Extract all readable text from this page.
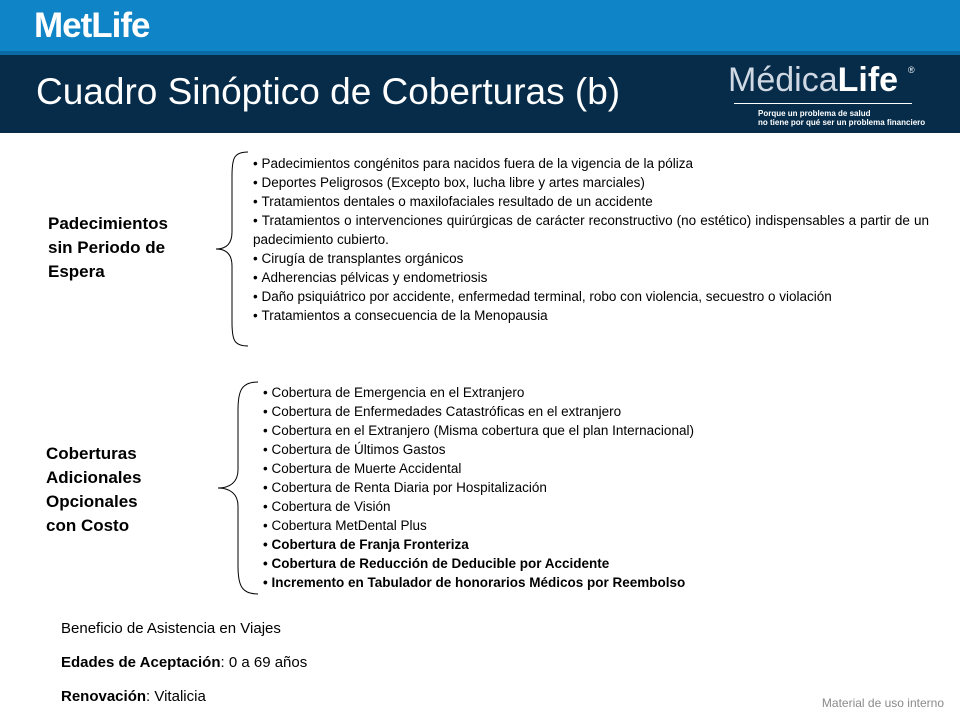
MetLife
Cuadro Sinóptico de Coberturas (b)	MédicaLife ®
Porque un problema de salud
no tiene por qué ser un problema financiero
Padecimientos
sin Periodo de
Espera
• Padecimientos congénitos para nacidos fuera de la vigencia de la póliza
• Deportes Peligrosos (Excepto box, lucha libre y artes marciales)
• Tratamientos dentales o maxilofaciales resultado de un accidente
• Tratamientos o intervenciones quirúrgicas de carácter reconstructivo (no estético) indispensables a partir de un padecimiento cubierto.
• Cirugía de transplantes orgánicos
• Adherencias pélvicas y endometriosis
• Daño psiquiátrico por accidente, enfermedad terminal, robo con violencia, secuestro o violación
• Tratamientos a consecuencia de la Menopausia
Coberturas
Adicionales
Opcionales
con Costo
• Cobertura de Emergencia en el Extranjero
• Cobertura de Enfermedades Catastróficas en el extranjero
• Cobertura en el Extranjero (Misma cobertura que el plan Internacional)
• Cobertura de Últimos Gastos
• Cobertura de Muerte Accidental
• Cobertura de Renta Diaria por Hospitalización
• Cobertura de Visión
• Cobertura MetDental Plus
• Cobertura de Franja Fronteriza
• Cobertura de Reducción de Deducible por Accidente
• Incremento en Tabulador de honorarios Médicos por Reembolso
Beneficio de Asistencia en Viajes
Edades de Aceptación: 0 a 69 años
Renovación: Vitalicia	Material de uso interno
